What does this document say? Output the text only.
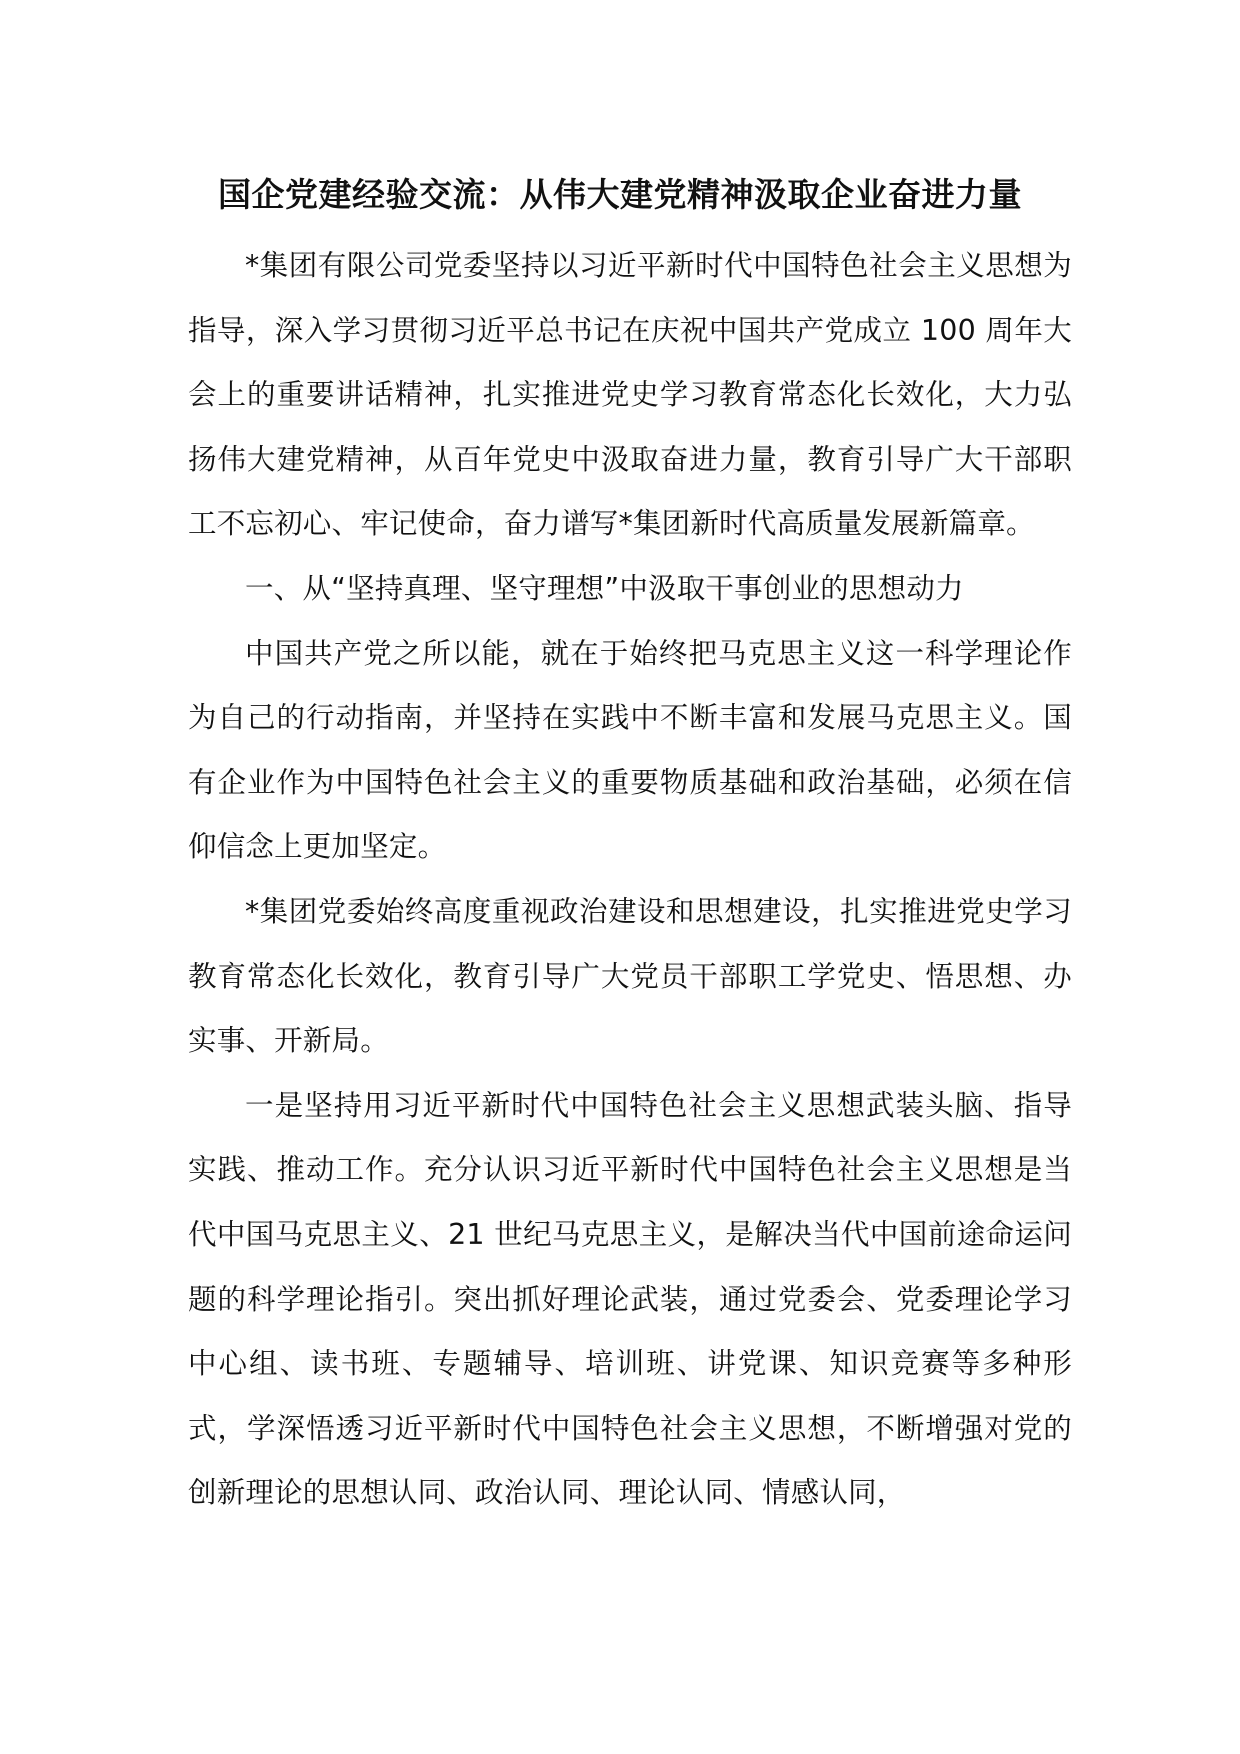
国企党建经验交流：从伟大建党精神汲取企业奋进力量

*集团有限公司党委坚持以习近平新时代中国特色社会主义思想为指导，深入学习贯彻习近平总书记在庆祝中国共产党成立 100 周年大会上的重要讲话精神，扎实推进党史学习教育常态化长效化，大力弘扬伟大建党精神，从百年党史中汲取奋进力量，教育引导广大干部职工不忘初心、牢记使命，奋力谱写*集团新时代高质量发展新篇章。

一、从“坚持真理、坚守理想”中汲取干事创业的思想动力

中国共产党之所以能，就在于始终把马克思主义这一科学理论作为自己的行动指南，并坚持在实践中不断丰富和发展马克思主义。国有企业作为中国特色社会主义的重要物质基础和政治基础，必须在信仰信念上更加坚定。

*集团党委始终高度重视政治建设和思想建设，扎实推进党史学习教育常态化长效化，教育引导广大党员干部职工学党史、悟思想、办实事、开新局。

一是坚持用习近平新时代中国特色社会主义思想武装头脑、指导实践、推动工作。充分认识习近平新时代中国特色社会主义思想是当代中国马克思主义、21 世纪马克思主义，是解决当代中国前途命运问题的科学理论指引。突出抓好理论武装，通过党委会、党委理论学习中心组、读书班、专题辅导、培训班、讲党课、知识竞赛等多种形式，学深悟透习近平新时代中国特色社会主义思想，不断增强对党的创新理论的思想认同、政治认同、理论认同、情感认同，
